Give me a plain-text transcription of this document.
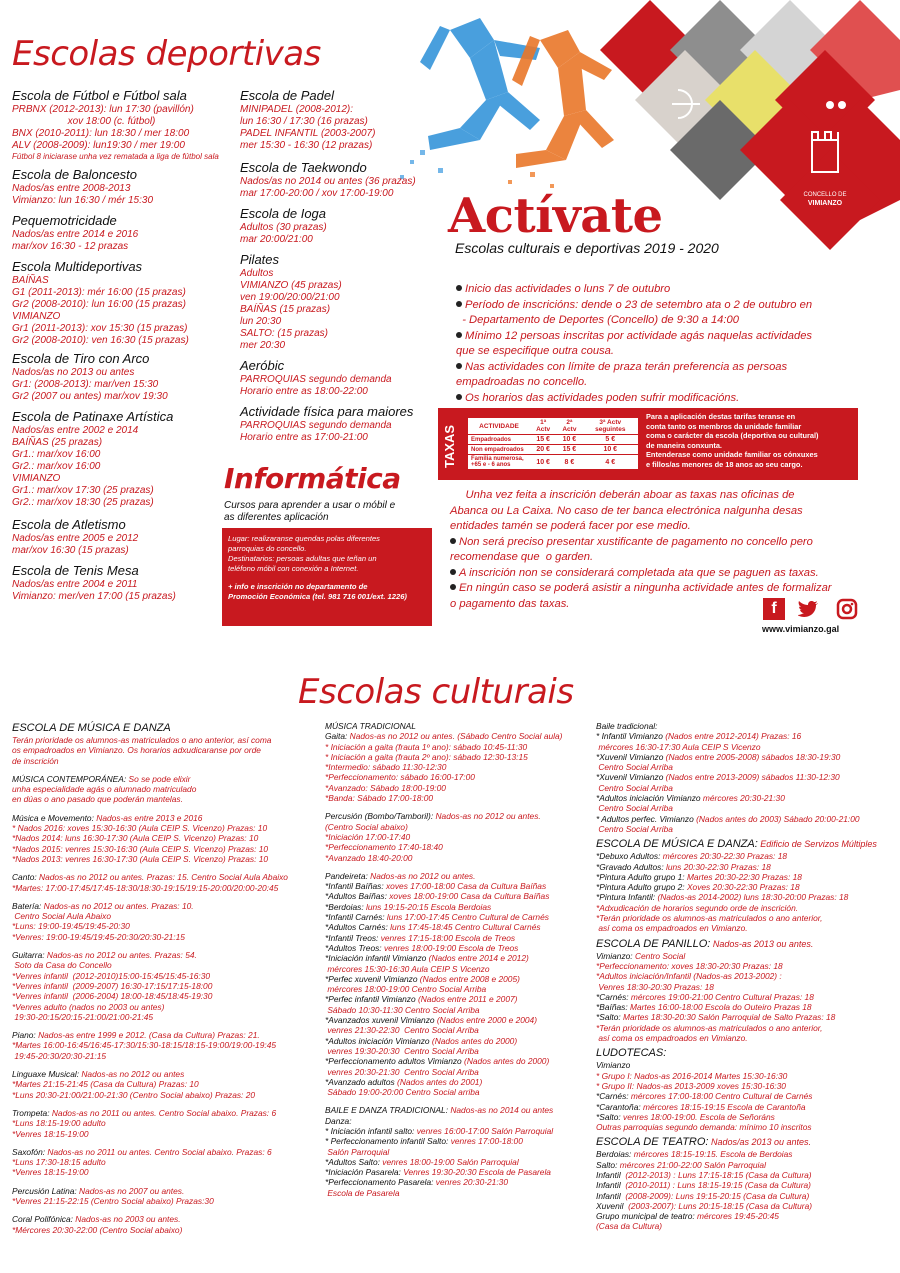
Escolas deportivas
CONCELLO DE
VIMIANZO
Actívate
Escolas culturais e deportivas 2019 - 2020
Escola de Fútbol e Fútbol sala
PRBNX (2012-2013): lun 17:30 (pavillón)
xov 18:00 (c. fútbol)
BNX (2010-2011): lun 18:30 / mer 18:00
ALV (2008-2009): lun19:30 / mer 19:00
Fútbol 8 iniciarase unha vez rematada a liga de fútbol sala
Escola de Baloncesto
Nados/as entre 2008-2013
Vimianzo: lun 16:30 / mér 15:30
Pequemotricidade
Nados/as entre 2014 e 2016
mar/xov 16:30 - 12 prazas
Escola Multideportivas
BAÍÑAS
G1 (2011-2013): mér 16:00 (15 prazas)
Gr2 (2008-2010): lun 16:00 (15 prazas)
VIMIANZO
Gr1 (2011-2013): xov 15:30 (15 prazas)
Gr2 (2008-2010): ven 16:30 (15 prazas)
Escola de Tiro con Arco
Nados/as no 2013 ou antes
Gr1: (2008-2013): mar/ven 15:30
Gr2 (2007 ou antes) mar/xov 19:30
Escola de Patinaxe Artística
Nados/as entre 2002 e 2014
BAÍÑAS (25 prazas)
Gr1.: mar/xov 16:00
Gr2.: mar/xov 16:00
VIMIANZO
Gr1.: mar/xov 17:30 (25 prazas)
Gr2.: mar/xov 18:30 (25 prazas)
Escola de Atletismo
Nados/as entre 2005 e 2012
mar/xov 16:30 (15 prazas)
Escola de Tenis Mesa
Nados/as entre 2004 e 2011
Vimianzo: mer/ven 17:00 (15 prazas)
Escola de Padel
MINIPADEL (2008-2012):
lun 16:30 / 17:30 (16 prazas)
PADEL INFANTIL (2003-2007)
mer 15:30 - 16:30 (12 prazas)
Escola de Taekwondo
Nados/as no 2014 ou antes (36 prazas)
mar 17:00-20:00 / xov 17:00-19:00
Escola de Ioga
Adultos (30 prazas)
mar 20:00/21:00
Pilates
Adultos
VIMIANZO (45 prazas)
ven 19:00/20:00/21:00
BAÍÑAS (15 prazas)
lun 20:30
SALTO: (15 prazas)
mer 20:30
Aeróbic
PARROQUIAS segundo demanda
Horario entre as 18:00-22:00
Actividade física para maiores
PARROQUIAS segundo demanda
Horario entre as 17:00-21:00
Informática
Cursos para aprender a usar o móbil e
as diferentes aplicación
Lugar: realizaranse quendas polas diferentes
parroquias do concello.
Destinatarios: persoas adultas que teñan un
teléfono móbil con conexión a Internet.
+ info e inscrición no departamento de
Promoción Económica (tel. 981 716 001/ext. 1226)
Inicio das actividades o luns 7 de outubro
Período de inscricións: dende o 23 de setembro ata o 2 de outubro en
- Departamento de Deportes (Concello) de 9:30 a 14:00
Mínimo 12 persoas inscritas por actividade agás naquelas actividades
que se especifique outra cousa.
Nas actividades con límite de praza terán preferencia as persoas
empadroadas no concello.
Os horarios das actividades poden sufrir modificacións.
TAXAS	ACTIVIDADE	1ª Actv	2ª Actv	3ª Actv seguintes
Empadroados	15 €	10 €	5 €
Non empadroados	20 €	15 €	10 €
Familia numerosa, +65 e - 6 anos	10 €	8 €	4 €
Para a aplicación destas tarifas teranse en
conta tanto os membros da unidade familiar
coma o carácter da escola (deportiva ou cultural)
de maneira conxunta.
Entenderase como unidade familiar os cónxuxes
e fillos/as menores de 18 anos ao seu cargo.
Unha vez feita a inscrición deberán aboar as taxas nas oficinas de
Abanca ou La Caixa. No caso de ter banca electrónica nalgunha desas
entidades tamén se poderá facer por ese medio.
Non será preciso presentar xustificante de pagamento no concello pero
recomendase que  o garden.
A inscrición non se considerará completada ata que se paguen as taxas.
En ningún caso se poderá asistir a ningunha actividade antes de formalizar
o pagamento das taxas.	f
www.vimianzo.gal
Escolas culturais
ESCOLA DE MÚSICA E DANZA
Terán prioridade os alumnos-as matriculados o ano anterior, así coma
os empadroados en Vimianzo. Os horarios adxudicaranse por orde
de inscrición
MÚSICA CONTEMPORÁNEA: So se pode elixir
unha especialidade agás o alumnado matriculado
en dúas o ano pasado que poderán mantelas.
Música e Movemento: Nados-as entre 2013 e 2016
* Nados 2016: xoves 15:30-16:30 (Aula CEIP S. Vicenzo) Prazas: 10
*Nados 2014: luns 16:30-17:30 (Aula CEIP S. Vicenzo) Prazas: 10
*Nados 2015: venres 15:30-16:30 (Aula CEIP S. Vicenzo) Prazas: 10
*Nados 2013: venres 16:30-17:30 (Aula CEIP S. Vicenzo) Prazas: 10
Canto: Nados-as no 2012 ou antes. Prazas: 15. Centro Social Aula Abaixo
*Martes: 17:00-17:45/17:45-18:30/18:30-19:15/19:15-20:00/20:00-20:45
Batería: Nados-as no 2012 ou antes. Prazas: 10.
Centro Social Aula Abaixo
*Luns: 19:00-19:45/19:45-20:30
*Venres: 19:00-19:45/19:45-20:30/20:30-21:15
Guitarra: Nados-as no 2012 ou antes. Prazas: 54.
Soto da Casa do Concello
*Venres infantil  (2012-2010)15:00-15:45/15:45-16:30
*Venres infantil  (2009-2007) 16:30-17:15/17:15-18:00
*Venres infantil  (2006-2004) 18:00-18:45/18:45-19:30
*Venres adulto (nados no 2003 ou antes)
19:30-20:15/20:15-21:00/21:00-21:45
Piano: Nados-as entre 1999 e 2012. (Casa da Cultura) Prazas: 21.
*Martes 16:00-16:45/16:45-17:30/15:30-18:15/18:15-19:00/19:00-19:45
19:45-20:30/20:30-21:15
Linguaxe Musical: Nados-as no 2012 ou antes
*Martes 21:15-21:45 (Casa da Cultura) Prazas: 10
*Luns 20:30-21:00/21:00-21:30 (Centro Social abaixo) Prazas: 20
Trompeta: Nados-as no 2011 ou antes. Centro Social abaixo. Prazas: 6
*Luns 18:15-19:00 adulto
*Venres 18:15-19:00
Saxofón: Nados-as no 2011 ou antes. Centro Social abaixo. Prazas: 6
*Luns 17:30-18:15 adulto
*Venres 18:15-19:00
Percusión Latina: Nados-as no 2007 ou antes.
*Venres 21:15-22:15 (Centro Social abaixo) Prazas:30
Coral Polifónica: Nados-as no 2003 ou antes.
*Mércores 20:30-22:00 (Centro Social abaixo)
MÚSICA TRADICIONAL
Gaita: Nados-as no 2012 ou antes. (Sábado Centro Social aula)
* Iniciación a gaita (frauta 1º ano): sábado 10:45-11:30
* Iniciación a gaita (frauta 2º ano): sábado 12:30-13:15
*Intermedio: sábado 11:30-12:30
*Perfeccionamento: sábado 16:00-17:00
*Avanzado: Sábado 18:00-19:00
*Banda: Sábado 17:00-18:00
Percusión (Bombo/Tamboril): Nados-as no 2012 ou antes.
(Centro Social abaixo)
*Iniciación 17:00-17:40
*Perfeccionamento 17:40-18:40
*Avanzado 18:40-20:00
Pandeireta: Nados-as no 2012 ou antes.
*Infantil Baíñas: xoves 17:00-18:00 Casa da Cultura Baíñas
*Adultos Baíñas: xoves 18:00-19:00 Casa da Cultura Baíñas
*Berdoias: luns 19:15-20:15 Escola Berdoias
*Infantil Carnés: luns 17:00-17:45 Centro Cultural de Carnés
*Adultos Carnés: luns 17:45-18:45 Centro Cultural Carnés
*Infantil Treos: venres 17:15-18:00 Escola de Treos
*Adultos Treos: venres 18:00-19:00 Escola de Treos
*Iniciación infantil Vimianzo (Nados entre 2014 e 2012)
mércores 15:30-16:30 Aula CEIP S Vicenzo
*Perfec xuvenil Vimianzo (Nados entre 2008 e 2005)
mércores 18:00-19:00 Centro Social Arriba
*Perfec infantil Vimianzo (Nados entre 2011 e 2007)
Sábado 10:30-11:30 Centro Social Arriba
*Avanzados xuvenil Vimianzo (Nados entre 2000 e 2004)
venres 21:30-22:30  Centro Social Arriba
*Adultos iniciación Vimianzo (Nados antes do 2000)
venres 19:30-20:30  Centro Social Arriba
*Perfeccionamento adultos Vimianzo (Nados antes do 2000)
venres 20:30-21:30  Centro Social Arriba
*Avanzado adultos (Nados antes do 2001)
Sábado 19:00-20:00 Centro Social arriba
BAILE E DANZA TRADICIONAL: Nados-as no 2014 ou antes
Danza:
* Iniciación infantil salto: venres 16:00-17:00 Salón Parroquial
* Perfeccionamento infantil Salto: venres 17:00-18:00
Salón Parroquial
*Adultos Salto: venres 18:00-19:00 Salón Parroquial
*Iniciación Pasarela: Venres 19:30-20:30 Escola de Pasarela
*Perfeccionamento Pasarela: venres 20:30-21:30
Escola de Pasarela
Baile tradicional:
* Infantil Vimianzo (Nados entre 2012-2014) Prazas: 16
mércores 16:30-17:30 Aula CEIP S Vicenzo
*Xuvenil Vimianzo (Nados entre 2005-2008) sábados 18:30-19:30
Centro Social Arriba
*Xuvenil Vimianzo (Nados entre 2013-2009) sábados 11:30-12:30
Centro Social Arriba
*Adultos iniciación Vimianzo mércores 20:30-21:30
Centro Social Arriba
* Adultos perfec. Vimianzo (Nados antes do 2003) Sábado 20:00-21:00
Centro Social Arriba
ESCOLA DE MÚSICA E DANZA: Edificio de Servizos Múltiples
*Debuxo Adultos: mércores 20:30-22:30 Prazas: 18
*Gravado Adultos: luns 20:30-22:30 Prazas: 18
*Pintura Adulto grupo 1: Martes 20:30-22:30 Prazas: 18
*Pintura Adulto grupo 2: Xoves 20:30-22:30 Prazas: 18
*Pintura Infantil: (Nados-as 2014-2002) luns 18:30-20:00 Prazas: 18
*Adxudicación de horarios segundo orde de inscrición.
*Terán prioridade os alumnos-as matriculados o ano anterior,
así coma os empadroados en Vimianzo.
ESCOLA DE PANILLO: Nados-as 2013 ou antes.
Vimianzo: Centro Social
*Perfeccionamento: xoves 18:30-20:30 Prazas: 18
*Adultos iniciación/Infantil (Nados-as 2013-2002) :
Venres 18:30-20:30 Prazas: 18
*Carnés: mércores 19:00-21:00 Centro Cultural Prazas: 18
*Baíñas: Martes 16:00-18:00 Escola do Outeiro Prazas 18
*Salto: Martes 18:30-20:30 Salón Parroquial de Salto Prazas: 18
*Terán prioridade os alumnos-as matriculados o ano anterior,
así coma os empadroados en Vimianzo.
LUDOTECAS:
Vimianzo
* Grupo I: Nados-as 2016-2014 Martes 15:30-16:30
* Grupo II: Nados-as 2013-2009 xoves 15:30-16:30
*Carnés: mércores 17:00-18:00 Centro Cultural de Carnés
*Carantoña: mércores 18:15-19:15 Escola de Carantoña
*Salto: venres 18:00-19:00. Escola de Señoráns
Outras parroquias segundo demanda: mínimo 10 inscritos
ESCOLA DE TEATRO: Nados/as 2013 ou antes.
Berdoias: mércores 18:15-19:15. Escola de Berdoias
Salto: mércores 21:00-22:00 Salón Parroquial
Infantil  (2012-2013) : Luns 17:15-18:15 (Casa da Cultura)
Infantil  (2010-2011) : Luns 18:15-19:15 (Casa da Cultura)
Infantil  (2008-2009): Luns 19:15-20:15 (Casa da Cultura)
Xuvenil  (2003-2007): Luns 20:15-18:15 (Casa da Cultura)
Grupo municipal de teatro: mércores 19:45-20:45
(Casa da Cultura)
